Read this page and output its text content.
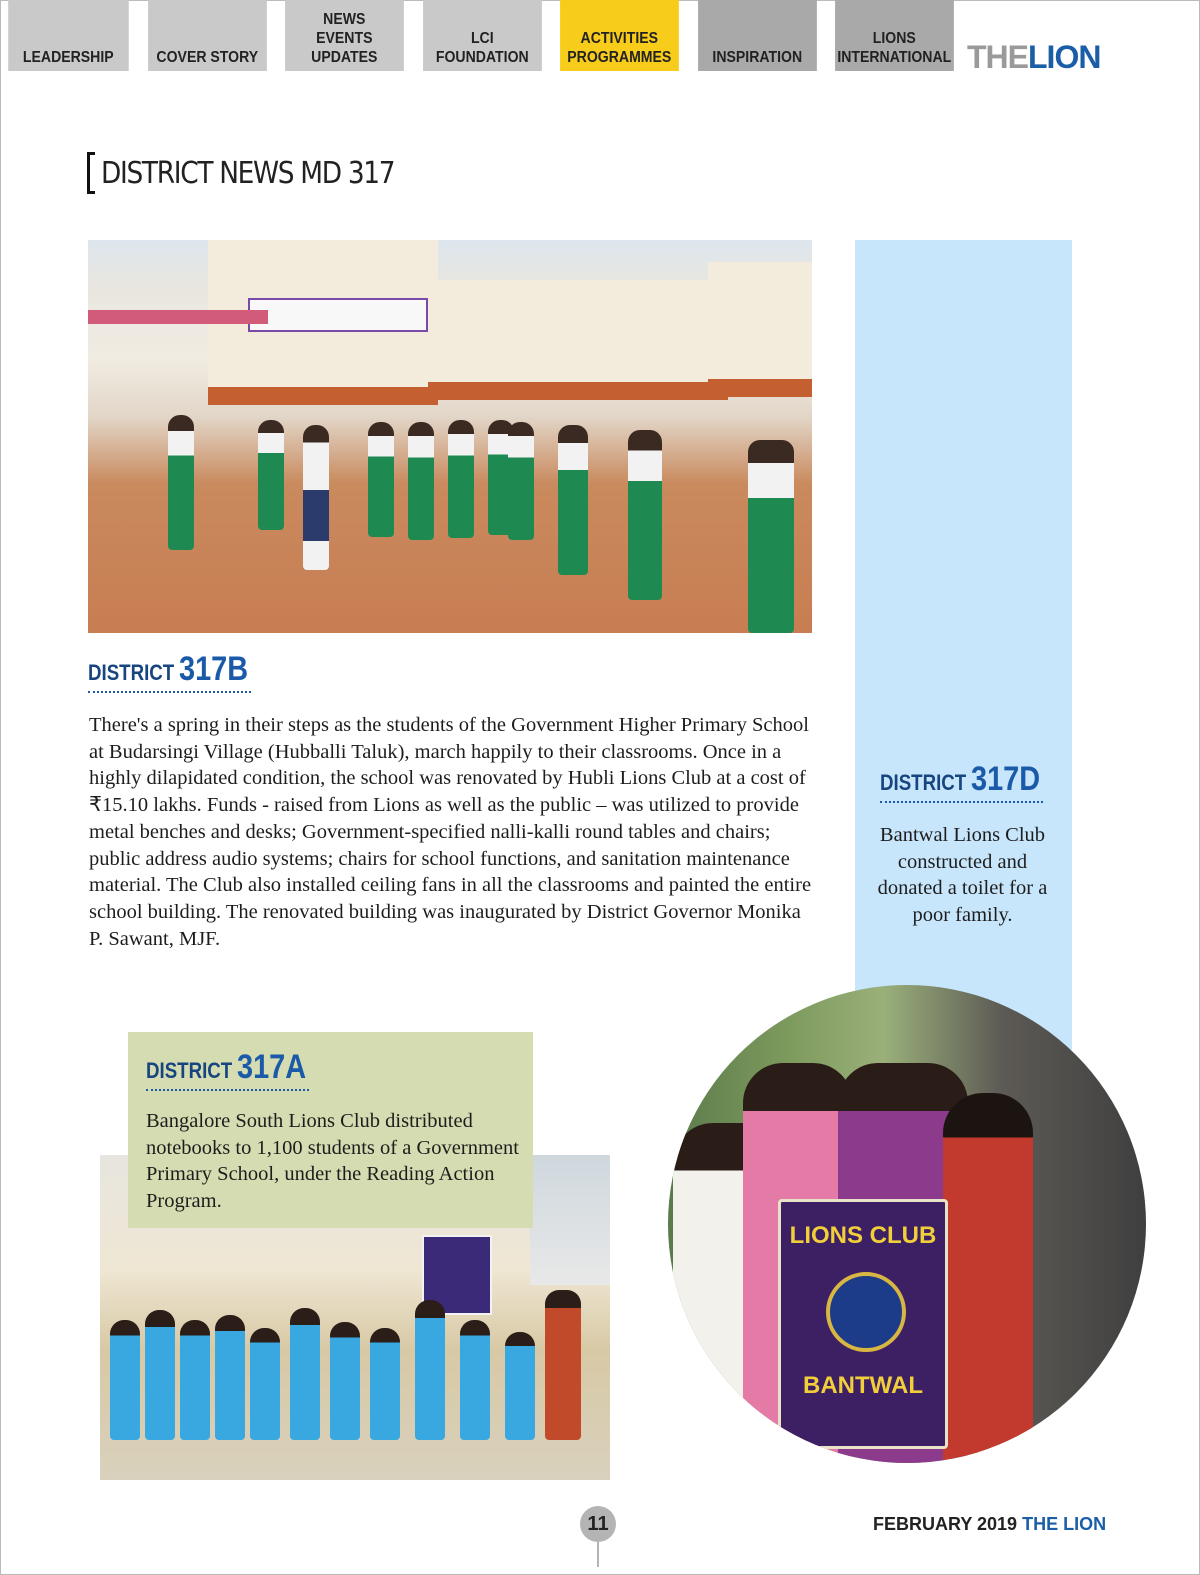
LEADERSHIP	COVER STORY
NEWS
EVENTS
UPDATES
LCI
FOUNDATION
ACTIVITIES
PROGRAMMES	INSPIRATION
LIONS
INTERNATIONAL THELION
DISTRICT NEWS MD 317
DISTRICT 317B

There's a spring in their steps as the students of the Government Higher Primary School at Budarsingi Village (Hubballi Taluk), march happily to their classrooms. Once in a highly dilapidated condition, the school was renovated by Hubli Lions Club at a cost of ₹15.10 lakhs. Funds - raised from Lions as well as the public – was utilized to provide metal benches and desks; Government-specified nalli-kalli round tables and chairs; public address audio systems; chairs for school functions, and sanitation maintenance material. The Club also installed ceiling fans in all the classrooms and painted the entire school building. The renovated building was inaugurated by District Governor Monika P. Sawant, MJF.

DISTRICT 317D

Bantwal Lions Club constructed and donated a toilet for a poor family.

DISTRICT 317A

Bangalore South Lions Club distributed notebooks to 1,100 students of a Government Primary School, under the Reading Action Program.

LIONS CLUB
BANTWAL
11	FEBRUARY 2019 THE LION
